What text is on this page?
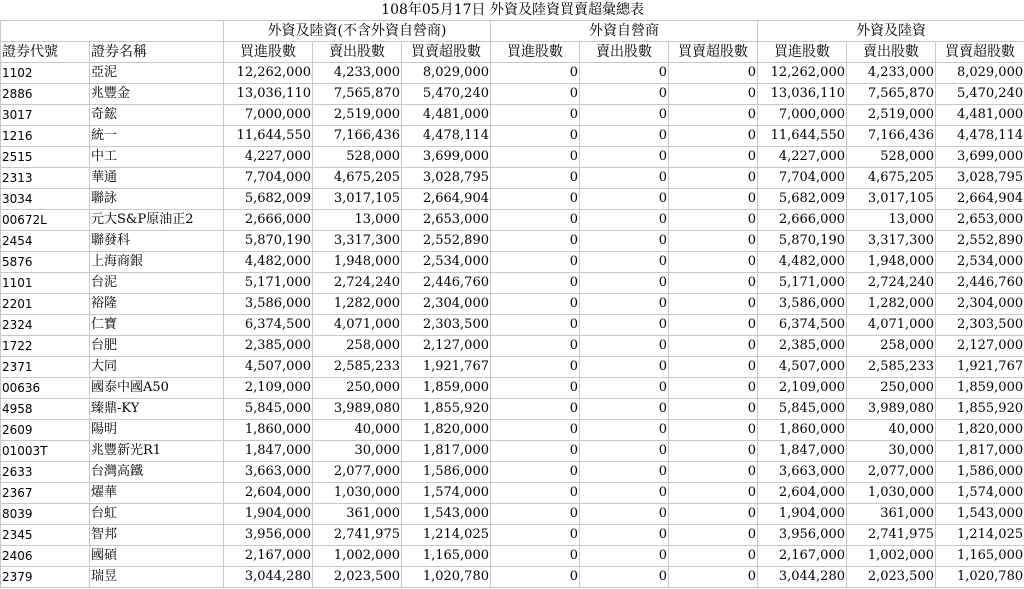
108年05月17日 外資及陸資買賣超彙總表										
		外資及陸資(不含外資自營商)			外資自營商			外資及陸資		
證券代號	證券名稱	買進股數	賣出股數	買賣超股數	買進股數	賣出股數	買賣超股數	買進股數	賣出股數	買賣超股數
1102	亞泥	12,262,000	4,233,000	8,029,000	0	0	0	12,262,000	4,233,000	8,029,000
2886	兆豐金	13,036,110	7,565,870	5,470,240	0	0	0	13,036,110	7,565,870	5,470,240
3017	奇鋐	7,000,000	2,519,000	4,481,000	0	0	0	7,000,000	2,519,000	4,481,000
1216	統一	11,644,550	7,166,436	4,478,114	0	0	0	11,644,550	7,166,436	4,478,114
2515	中工	4,227,000	528,000	3,699,000	0	0	0	4,227,000	528,000	3,699,000
2313	華通	7,704,000	4,675,205	3,028,795	0	0	0	7,704,000	4,675,205	3,028,795
3034	聯詠	5,682,009	3,017,105	2,664,904	0	0	0	5,682,009	3,017,105	2,664,904
00672L	元大S&P原油正2	2,666,000	13,000	2,653,000	0	0	0	2,666,000	13,000	2,653,000
2454	聯發科	5,870,190	3,317,300	2,552,890	0	0	0	5,870,190	3,317,300	2,552,890
5876	上海商銀	4,482,000	1,948,000	2,534,000	0	0	0	4,482,000	1,948,000	2,534,000
1101	台泥	5,171,000	2,724,240	2,446,760	0	0	0	5,171,000	2,724,240	2,446,760
2201	裕隆	3,586,000	1,282,000	2,304,000	0	0	0	3,586,000	1,282,000	2,304,000
2324	仁寶	6,374,500	4,071,000	2,303,500	0	0	0	6,374,500	4,071,000	2,303,500
1722	台肥	2,385,000	258,000	2,127,000	0	0	0	2,385,000	258,000	2,127,000
2371	大同	4,507,000	2,585,233	1,921,767	0	0	0	4,507,000	2,585,233	1,921,767
00636	國泰中國A50	2,109,000	250,000	1,859,000	0	0	0	2,109,000	250,000	1,859,000
4958	臻鼎-KY	5,845,000	3,989,080	1,855,920	0	0	0	5,845,000	3,989,080	1,855,920
2609	陽明	1,860,000	40,000	1,820,000	0	0	0	1,860,000	40,000	1,820,000
01003T	兆豐新光R1	1,847,000	30,000	1,817,000	0	0	0	1,847,000	30,000	1,817,000
2633	台灣高鐵	3,663,000	2,077,000	1,586,000	0	0	0	3,663,000	2,077,000	1,586,000
2367	燿華	2,604,000	1,030,000	1,574,000	0	0	0	2,604,000	1,030,000	1,574,000
8039	台虹	1,904,000	361,000	1,543,000	0	0	0	1,904,000	361,000	1,543,000
2345	智邦	3,956,000	2,741,975	1,214,025	0	0	0	3,956,000	2,741,975	1,214,025
2406	國碩	2,167,000	1,002,000	1,165,000	0	0	0	2,167,000	1,002,000	1,165,000
2379	瑞昱	3,044,280	2,023,500	1,020,780	0	0	0	3,044,280	2,023,500	1,020,780
